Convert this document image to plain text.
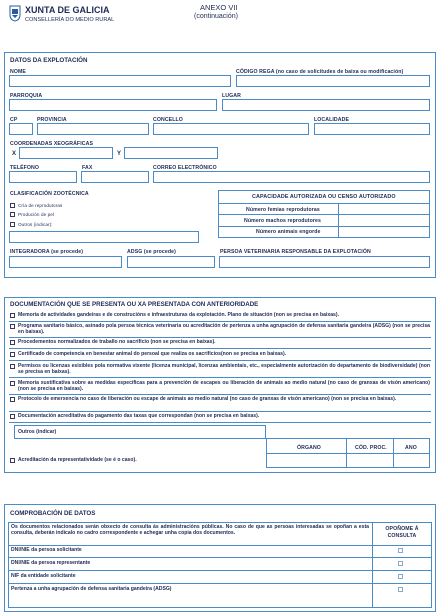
XUNTA DE GALICIA
CONSELLERÍA DO MEDIO RURAL
ANEXO VII
(continuación)
DATOS DA EXPLOTACIÓN
NOME	CÓDIGO REGA (no caso de solicitudes de baixa ou modificación)
PARROQUIA	LUGAR
CP	PROVINCIA	CONCELLO	LOCALIDADE
COORDENADAS XEOGRÁFICAS
X	Y
TELÉFONO	FAX	CORREO ELECTRÓNICO
CLASIFICACIÓN ZOOTÉCNICA
Cría de reprodutoras
Produción de pel
Outros (indicar):
CAPACIDADE AUTORIZADA OU CENSO AUTORIZADO
Número femias reprodutoras
Número machos reprodutores
Número animais engorde
INTEGRADORA (se procede)	ADSG (se procede)	PERSOA VETERINARIA RESPONSABLE DA EXPLOTACIÓN
DOCUMENTACIÓN QUE SE PRESENTA OU XA PRESENTADA CON ANTERIORIDADE
Memoria de actividades gandeiras e de construcións e infraestruturas da explotación. Plano de situación (non se precisa en baixas).
Programa sanitario básico, asinado pola persoa técnica veterinaria ou acreditación de pertenza a unha agrupación de defensa sanitaria gandeira (ADSG) (non se precisa en baixas).
Procedementos normalizados de traballo no sacrificio (non se precisa en baixas).
Certificado de competencia en benestar animal do persoal que realiza os sacrificios(non se precisa en baixas).
Permisos ou licenzas esixibles pola normativa vixente (licenza municipal, licenzas ambientais, etc., especialmente autorización do departamento de biodiversidade) (non se precisa en baixas).
Memoria xustificativa sobre as medidas específicas para a prevención de escapes ou liberación de animais ao medio natural (no caso de granxas de visón americano) (non se precisa en baixas).
Protocolo de emerxencia no caso de liberación ou escape de animais ao medio natural (no caso de granxas de visón americano) (non se precisa en baixas).
Documentación acreditativa do pagamento das taxas que correspondan (non se precisa en baixas).
Outros (indicar)
ÓRGANO	CÓD. PROC.	ANO
Acreditación da representatividade (se é o caso).
COMPROBACIÓN DE DATOS
Os documentos relacionados serán obxecto de consulta ás administracións públicas. No caso de que as persoas interesadas se opoñan a esta consulta, deberán indicalo no cadro correspondente e achegar unha copia dos documentos.
OPOÑOME Á CONSULTA
DNI/NIE da persoa solicitante
DNI/NIE da persoa representante
NIF da entidade solicitante
Pertenza a unha agrupación de defensa sanitaria gandeira (ADSG)
